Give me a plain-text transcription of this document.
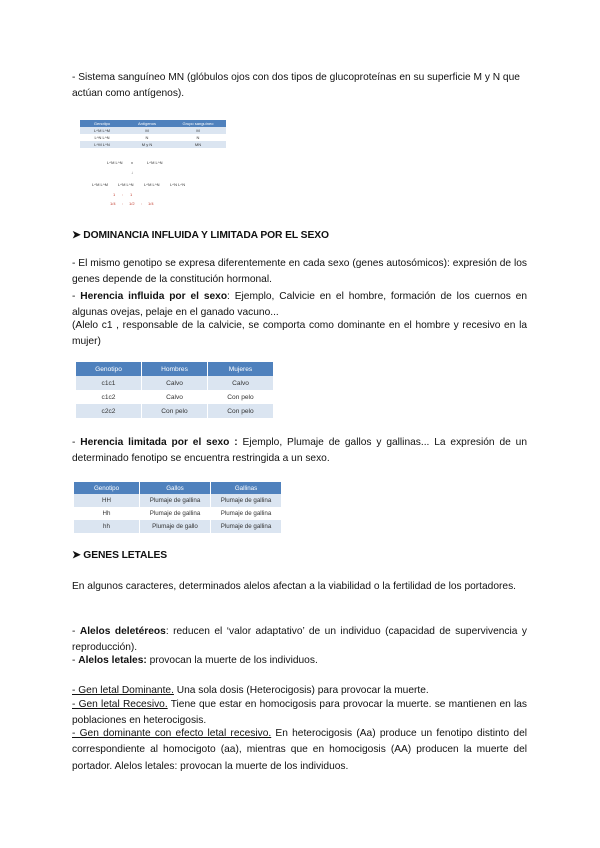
- Sistema sanguíneo MN (glóbulos ojos con dos tipos de glucoproteínas en su superficie M y N que actúan como antígenos).

Genotipo	Antígenos	Grupo sanguíneo
L^M L^M	M	M
L^N L^N	N	N
L^M L^N	M y N	MN
L^M L^N x	L^M L^N
↓
L^M L^M	L^M L^N	L^M L^N	L^N L^N
1 : 1
1/4 : 1/2 : 1/4
➤ DOMINANCIA INFLUIDA Y LIMITADA POR EL SEXO

- El mismo genotipo se expresa diferentemente en cada sexo (genes autosómicos): expresión de los genes depende de la constitución hormonal.

- Herencia influida por el sexo: Ejemplo, Calvicie en el hombre, formación de los cuernos en algunas ovejas, pelaje en el ganado vacuno...

(Alelo c1 , responsable de la calvicie, se comporta como dominante en el hombre y recesivo en la mujer)

Genotipo	Hombres	Mujeres
c1c1	Calvo	Calvo
c1c2	Calvo	Con pelo
c2c2	Con pelo	Con pelo

- Herencia limitada por el sexo : Ejemplo, Plumaje de gallos y gallinas... La expresión de un determinado fenotipo se encuentra restringida a un sexo.

Genotipo	Gallos	Gallinas
HH	Plumaje de gallina	Plumaje de gallina
Hh	Plumaje de gallina	Plumaje de gallina
hh	Plumaje de gallo	Plumaje de gallina
➤ GENES LETALES

En algunos caracteres, determinados alelos afectan a la viabilidad o la fertilidad de los portadores.

- Alelos deletéreos: reducen el ‘valor adaptativo’ de un individuo (capacidad de supervivencia y reproducción).

- Alelos letales: provocan la muerte de los individuos.

- Gen letal Dominante. Una sola dosis (Heterocigosis) para provocar la muerte.

- Gen letal Recesivo. Tiene que estar en homocigosis para provocar la muerte. se mantienen en las poblaciones en heterocigosis.

- Gen dominante con efecto letal recesivo. En heterocigosis (Aa) produce un fenotipo distinto del correspondiente al homocigoto (aa), mientras que en homocigosis (AA) producen la muerte del portador. Alelos letales: provocan la muerte de los individuos.
